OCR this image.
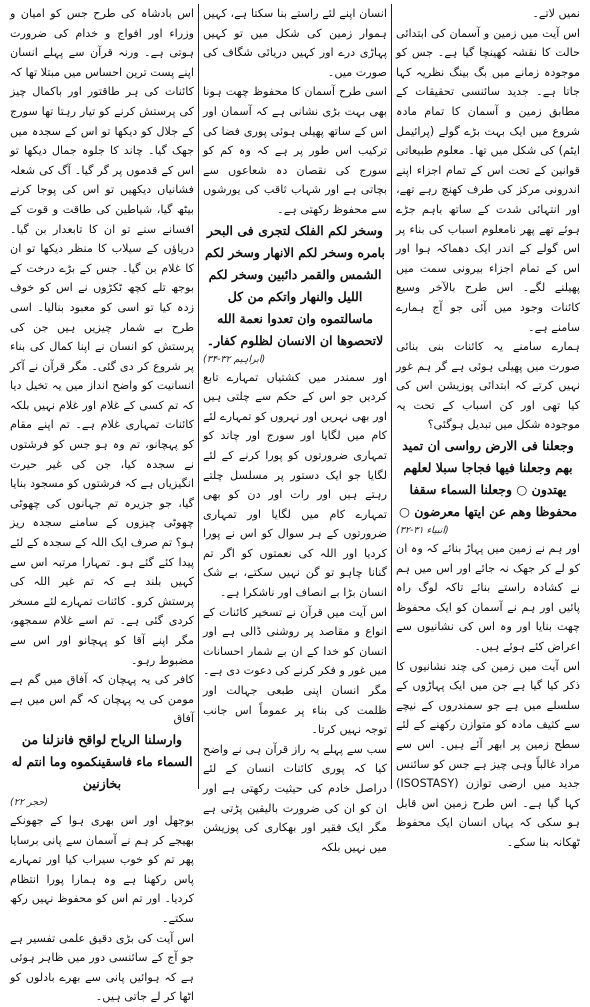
نمیں لاتے۔

اس آیت میں زمین و آسمان کی ابتدائی حالت کا نقشہ کھینچا گیا ہے۔ جس کو موجودہ زمانے میں بگ بینگ نظریہ کہا جاتا ہے۔ جدید سائنسی تحقیقات کے مطابق زمین و آسمان کا تمام مادہ شروع میں ایک بہت بڑے گولے (پرائیمل ایٹم) کی شکل میں تھا۔ معلوم طبیعاتی قوانین کے تحت اس کے تمام اجزاء اپنے اندرونی مرکز کی طرف کھنچ رہے تھے، اور انتہائی شدت کے ساتھ باہم جڑے ہوئے تھے پھر نامعلوم اسباب کی بناء پر اس گولے کے اندر ایک دھماکہ ہوا اور اس کے تمام اجزاء بیرونی سمت میں پھیلنے لگے۔ اس طرح بالآخر وسیع کائنات وجود میں آئی جو آج ہمارے سامنے ہے۔

ہمارے سامنے یہ کائنات بنی بنائی صورت میں پھیلی ہوئی ہے گر ہم غور نہیں کرتے کہ ابتدائی پوزیشن اس کی کیا تھی اور کن اسباب کے تحت یہ موجودہ شکل میں تبدیل ہوگئی؟

وجعلنا فی الارض رواسی ان تمید بهم وجعلنا فیها فجاجا سبلا لعلهم یهتدون ○ وجعلنا السماء سقفا محفوظا وهم عن ایتها معرضون ○

(انبیاء ۳۱-۳۲)

اور ہم نے زمین میں پہاڑ بنائے کہ وہ ان کو لے کر جھک نہ جائے اور اس میں ہم نے کشادہ راستے بنائے تاکہ لوگ راہ پائیں اور ہم نے آسمان کو ایک محفوظ چھت بنایا اور وہ اس کی نشانیوں سے اعراض کئے ہوئے ہیں۔

اس آیت میں زمین کی چند نشانیوں کا ذکر کیا گیا ہے جن میں ایک پہاڑوں کے سلسلے میں ہے جو سمندروں کے نیچے سے کثیف مادہ کو متوازن رکھنے کے لئے سطح زمین پر ابھر آئے ہیں۔ اس سے مراد غالباً وہی چیز ہے جس کو سائنس جدید میں ارضی توازن (ISOSTASY) کہا گیا ہے۔ اس طرح زمین اس قابل ہو سکی کہ یہاں انسان ایک محفوظ ٹھکانہ بنا سکے۔

انسان اپنے لئے راستے بنا سکتا ہے، کہیں ہموار زمین کی شکل میں تو کہیں پہاڑی درے اور کہیں دریائی شگاف کی صورت میں۔

اسی طرح آسمان کا محفوظ چھت ہونا بھی بہت بڑی نشانی ہے کہ آسمان اور اس کے ساتھ پھیلی ہوئی پوری فضا کی ترکیب اس طور پر ہے کہ وہ کم کو سورج کی نقصان دہ شعاعوں سے بچاتی ہے اور شہاب ثاقب کی یورشوں سے محفوظ رکھتی ہے۔

وسخر لکم الفلک لتجری فی البحر بامره وسخر لکم الانهار وسخر لکم الشمس والقمر دائبین وسخر لکم اللیل والنهار واتکم من کل ماسالتموه وان تعدوا نعمة الله لاتحصوها ان الانسان لظلوم کفار۔

(ابراہیم ۳۲-۳۴)

اور سمندر میں کشتیاں تمہارے تابع کردیں جو اس کے حکم سے چلتی ہیں اور بھی نہریں اور نہروں کو تمہارے لئے کام میں لگایا اور سورج اور چاند کو تمہاری ضرورتوں کو پورا کرنے کے لئے لگایا جو ایک دستور پر مسلسل چلتے رہتے ہیں اور رات اور دن کو بھی تمہارے کام میں لگایا اور تمہاری ضرورتوں کے ہر سوال کو اس نے پورا کردیا اور اللہ کی نعمتوں کو اگر تم گنانا چاہو تو گن نہیں سکتے، بے شک انسان بڑا بے انصاف اور ناشکرا ہے۔

اس آیت میں قرآن نے تسخیر کائنات کے انواع و مقاصد پر روشنی ڈالی ہے اور انسان کو خدا کے ان بے شمار احسانات میں غور و فکر کرنے کی دعوت دی ہے۔ مگر انسان اپنی طبعی جہالت اور ظلمت کی بناء پر عموماً اس جانب توجہ نہیں کرتا۔

سب سے پہلے یہ راز قرآن ہی نے واضح کیا کہ پوری کائنات انسان کے لئے دراصل خادم کی حیثیت رکھتی ہے اور ان کو ان کی ضرورت بالیقین پڑتی ہے مگر ایک فقیر اور بھکاری کی پوزیشن میں نہیں بلکہ

اس بادشاہ کی طرح جس کو امیان و وزراء اور افواج و خدام کی ضرورت ہوتی ہے۔ ورنہ قرآن سے پہلے انسان اپنے پست ترین احساس میں مبتلا تھا کہ کائنات کی ہر طاقتور اور باکمال چیز کی پرستش کرنے کو تیار رہتا تھا سورج کے جلال کو دیکھا تو اس کے سجدہ میں جھک گیا۔ چاند کا جلوہ جمال دیکھا تو اس کے قدموں پر گر گیا۔ آگ کی شعلہ فشانیاں دیکھیں تو اس کی پوجا کرنے بیٹھ گیا، شیاطین کی طاقت و قوت کے افسانے سنے تو ان کا تابعدار بن گیا۔ دریاؤں کے سیلاب کا منظر دیکھا تو ان کا غلام بن گیا۔ جس کے بڑے درخت کے بوجھ تلے کچھ ٹکڑوں نے اس کو خوف زدہ کیا تو اسی کو معبود بنالیا۔ اسی طرح بے شمار چیزیں ہیں جن کی پرستش کو انسان نے اپنا کمال کی بناء پر شروع کر دی گئی۔ مگر قرآن نے آکر انسانیت کو واضح انداز میں یہ تخیل دیا کہ تم کسی کے غلام اور غلام نہیں بلکہ کائنات تمہاری غلام ہے۔ تم اپنے مقام کو پہچانو، تم وہ ہو جس کو فرشتوں نے سجدہ کیا، جن کی غیر حیرت انگیزیاں ہے کہ فرشتوں کو مسجود بنایا گیا، جو جزیرہ تم جہانوں کی چھوٹی چھوٹی چیزوں کے سامنے سجدہ ریز ہو؟ تم صرف ایک اللہ کے سجدہ کے لئے پیدا کئے گئے ہو۔ تمہارا مرتبہ اس سے کہیں بلند ہے کہ تم غیر اللہ کی پرستش کرو۔ کائنات تمہارے لئے مسخر کردی گئی ہے۔ تم اسے غلام سمجھو، مگر اپنے آقا کو پہچانو اور اس سے مضبوط رہو۔

کافر کی یہ پہچان کہ آفاق میں گم ہے مومن کی یہ پہچان کہ گم اس میں ہے آفاق

وارسلنا الریاح لواقح فانزلنا من السماء ماء فاسقینکموه وما انتم له بخازنین

(حجر ۲۲)

بوجھل اور اس بھری ہوا کے جھونکے بھیجے کر ہم نے آسمان سے پانی برسایا پھر تم کو خوب سیراب کیا اور تمہارے پاس رکھنا ہے وہ ہمارا پورا انتظام کردیا۔ اور تم اس کو محفوظ نہیں رکھ سکتے۔

اس آیت کی بڑی دقیق علمی تفسیر ہے جو آج کے سائنسی دور میں ظاہر ہوئی ہے کہ ہوائیں پانی سے بھرے بادلوں کو اٹھا کر لے جاتی ہیں۔
